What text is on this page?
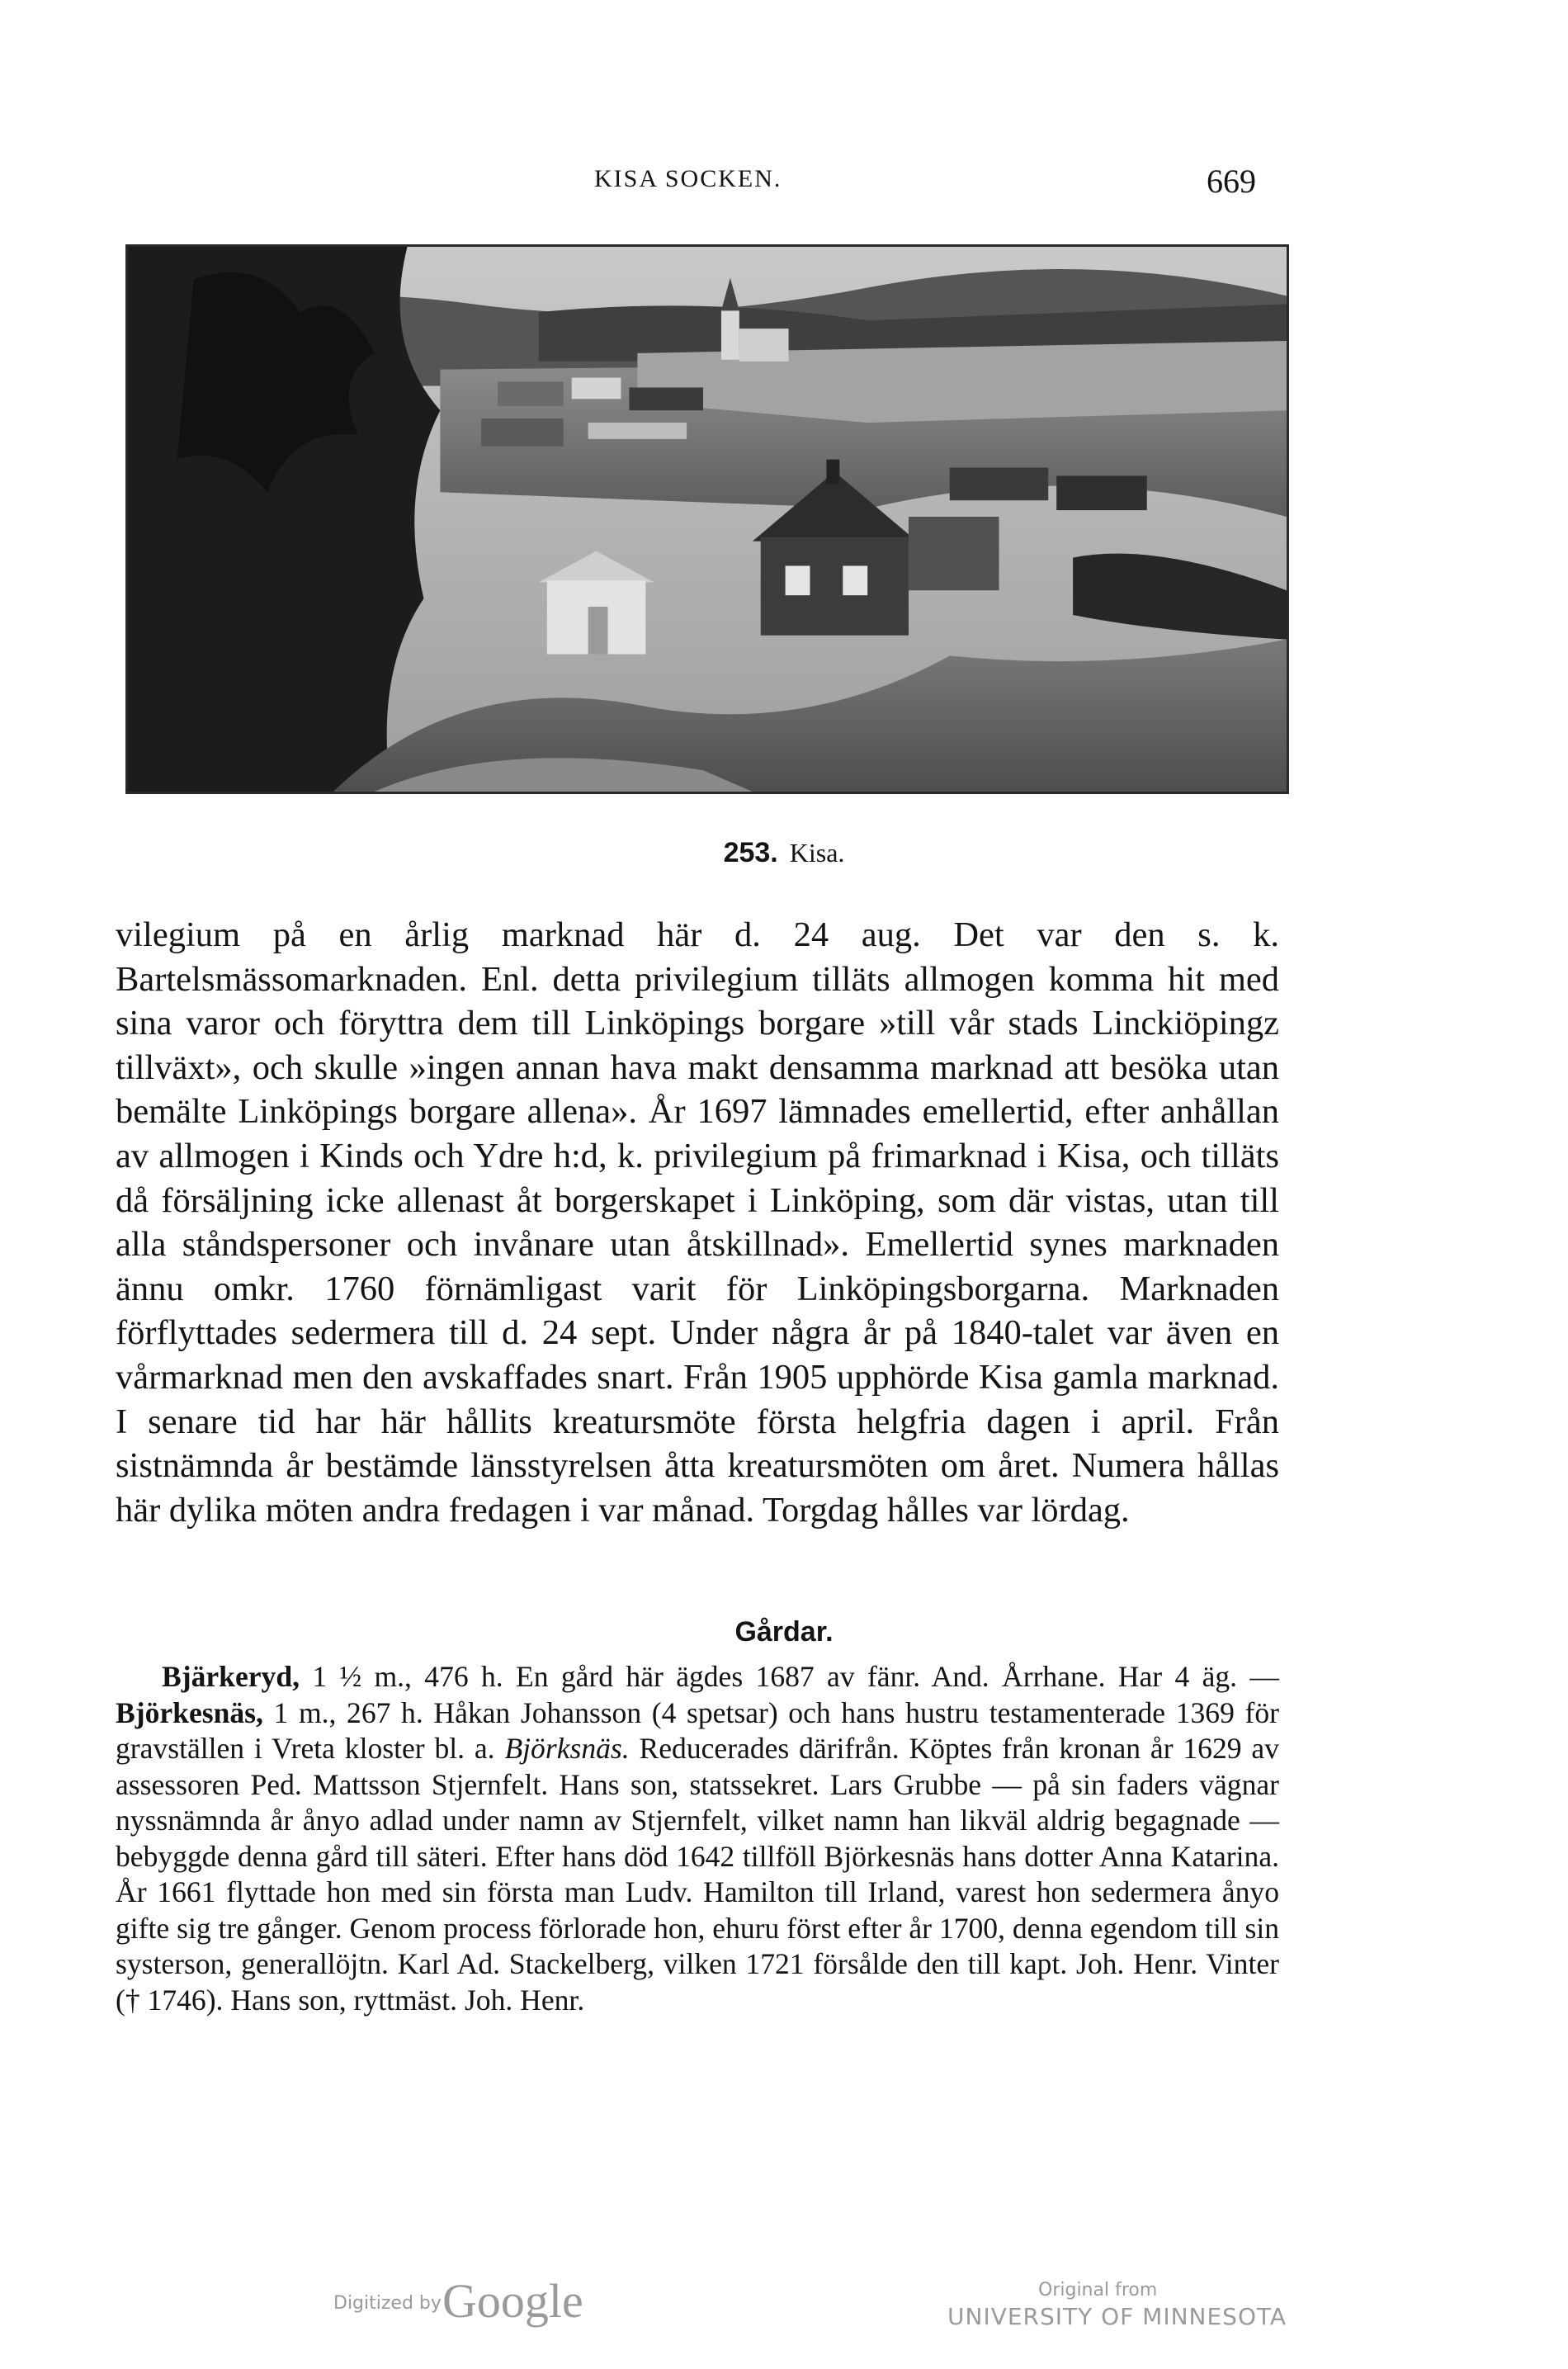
KISA SOCKEN.	669
253. Kisa.

vilegium på en årlig marknad här d. 24 aug. Det var den s. k. Bartelsmässomarknaden. Enl. detta privilegium tilläts allmogen komma hit med sina varor och föryttra dem till Linköpings borgare »till vår stads Linckiöpingz tillväxt», och skulle »ingen annan hava makt densamma marknad att besöka utan bemälte Linköpings borgare allena». År 1697 lämnades emellertid, efter anhållan av allmogen i Kinds och Ydre h:d, k. privilegium på frimarknad i Kisa, och tilläts då försäljning icke allenast åt borgerskapet i Linköping, som där vistas, utan till alla ståndspersoner och invånare utan åtskillnad». Emellertid synes marknaden ännu omkr. 1760 förnämligast varit för Linköpingsborgarna. Marknaden förflyttades sedermera till d. 24 sept. Under några år på 1840-talet var även en vårmarknad men den avskaffades snart. Från 1905 upphörde Kisa gamla marknad. I senare tid har här hållits kreatursmöte första helgfria dagen i april. Från sistnämnda år bestämde länsstyrelsen åtta kreatursmöten om året. Numera hållas här dylika möten andra fredagen i var månad. Torgdag hålles var lördag.

Gårdar.

Bjärkeryd, 1 ½ m., 476 h. En gård här ägdes 1687 av fänr. And. Årrhane. Har 4 äg. — Björkesnäs, 1 m., 267 h. Håkan Johansson (4 spetsar) och hans hustru testamenterade 1369 för gravställen i Vreta kloster bl. a. Björksnäs. Reducerades därifrån. Köptes från kronan år 1629 av assessoren Ped. Mattsson Stjernfelt. Hans son, statssekret. Lars Grubbe — på sin faders vägnar nyssnämnda år ånyo adlad under namn av Stjernfelt, vilket namn han likväl aldrig begagnade — bebyggde denna gård till säteri. Efter hans död 1642 tillföll Björkesnäs hans dotter Anna Katarina. År 1661 flyttade hon med sin första man Ludv. Hamilton till Irland, varest hon sedermera ånyo gifte sig tre gånger. Genom process förlorade hon, ehuru först efter år 1700, denna egendom till sin systerson, generallöjtn. Karl Ad. Stackelberg, vilken 1721 försålde den till kapt. Joh. Henr. Vinter († 1746). Hans son, ryttmäst. Joh. Henr.

Digitized by Google	Original from
UNIVERSITY OF MINNESOTA
